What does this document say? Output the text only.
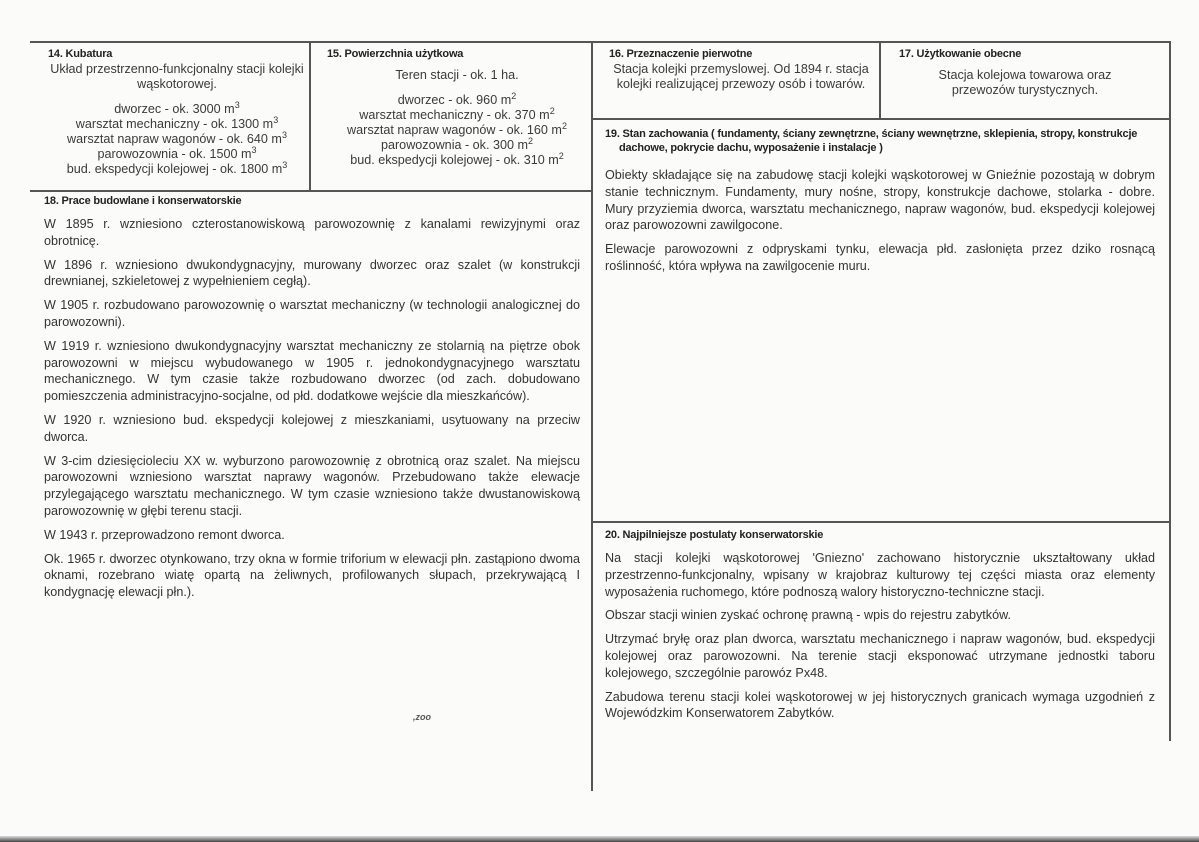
14. Kubatura

Układ przestrzenno-funkcjonalny stacji kolejki wąskotorowej.

dworzec - ok. 3000 $m^3$

warsztat mechaniczny - ok. 1300 $m^3$

warsztat napraw wagonów - ok. 640 $m^3$

parowozownia - ok. 1500 $m^3$

bud. ekspedycji kolejowej - ok. 1800 $m^3$

15. Powierzchnia użytkowa

Teren stacji - ok. 1 ha.

dworzec - ok. 960 $m^2$

warsztat mechaniczny - ok. 370 $m^2$

warsztat napraw wagonów - ok. 160 $m^2$

parowozownia - ok. 300 $m^2$

bud. ekspedycji kolejowej - ok. 310 $m^2$

16. Przeznaczenie pierwotne

Stacja kolejki przemyslowej. Od 1894 r. stacja kolejki realizującej przewozy osób i towarów.

17. Użytkowanie obecne

Stacja kolejowa towarowa oraz przewozów turystycznych.

18. Prace budowlane i konserwatorskie

W 1895 r. wzniesiono czterostanowiskową parowozownię z kanalami rewizyjnymi oraz obrotnicę.

W 1896 r. wzniesiono dwukondygnacyjny, murowany dworzec oraz szalet (w konstrukcji drewnianej, szkieletowej z wypełnieniem cegłą).

W 1905 r. rozbudowano parowozownię o warsztat mechaniczny (w technologii analogicznej do parowozowni).

W 1919 r. wzniesiono dwukondygnacyjny warsztat mechaniczny ze stolarnią na piętrze obok parowozowni w miejscu wybudowanego w 1905 r. jednokondygnacyjnego warsztatu mechanicznego. W tym czasie także rozbudowano dworzec (od zach. dobudowano pomieszczenia administracyjno-socjalne, od płd. dodatkowe wejście dla mieszkańców).

W 1920 r. wzniesiono bud. ekspedycji kolejowej z mieszkaniami, usytuowany na przeciw dworca.

W 3-cim dziesięcioleciu XX w. wyburzono parowozownię z obrotnicą oraz szalet. Na miejscu parowozowni wzniesiono warsztat naprawy wagonów. Przebudowano także elewacje przylegającego warsztatu mechanicznego. W tym czasie wzniesiono także dwustanowiskową parowozownię w głębi terenu stacji.

W 1943 r. przeprowadzono remont dworca.

Ok. 1965 r. dworzec otynkowano, trzy okna w formie triforium w elewacji płn. zastąpiono dwoma oknami, rozebrano wiatę opartą na żeliwnych, profilowanych słupach, przekrywającą I kondygnację elewacji płn.).

,zoo
19. Stan zachowania ( fundamenty, ściany zewnętrzne, ściany wewnętrzne, sklepienia, stropy, konstrukcje dachowe, pokrycie dachu, wyposażenie i instalacje )

Obiekty składające się na zabudowę stacji kolejki wąskotorowej w Gnieźnie pozostają w dobrym stanie technicznym. Fundamenty, mury nośne, stropy, konstrukcje dachowe, stolarka - dobre. Mury przyziemia dworca, warsztatu mechanicznego, napraw wagonów, bud. ekspedycji kolejowej oraz parowozowni zawilgocone.

Elewacje parowozowni z odpryskami tynku, elewacja płd. zasłonięta przez dziko rosnącą roślinność, która wpływa na zawilgocenie muru.

20. Najpilniejsze postulaty konserwatorskie

Na stacji kolejki wąskotorowej 'Gniezno' zachowano historycznie ukształtowany układ przestrzenno-funkcjonalny, wpisany w krajobraz kulturowy tej części miasta oraz elementy wyposażenia ruchomego, które podnoszą walory historyczno-techniczne stacji.

Obszar stacji winien zyskać ochronę prawną - wpis do rejestru zabytków.

Utrzymać bryłę oraz plan dworca, warsztatu mechanicznego i napraw wagonów, bud. ekspedycji kolejowej oraz parowozowni. Na terenie stacji eksponować utrzymane jednostki taboru kolejowego, szczególnie parowóz Px48.

Zabudowa terenu stacji kolei wąskotorowej w jej historycznych granicach wymaga uzgodnień z Wojewódzkim Konserwatorem Zabytków.
